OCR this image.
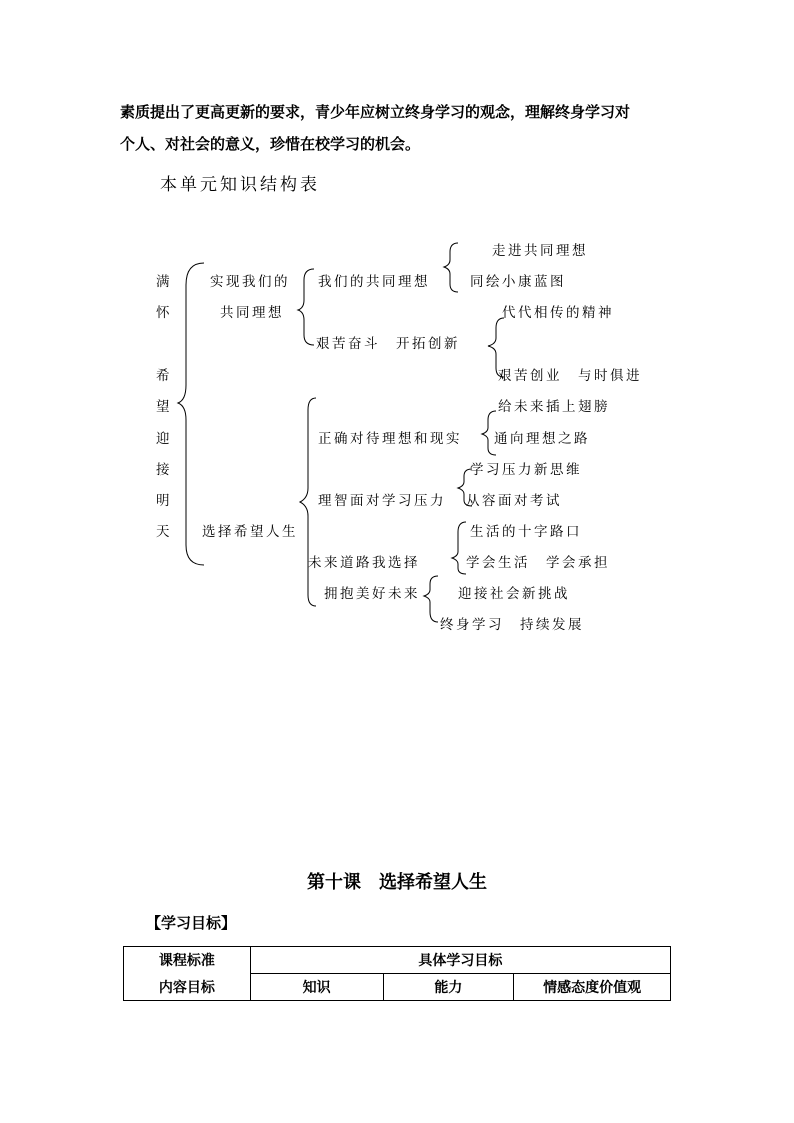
素质提出了更高更新的要求，青少年应树立终身学习的观念，理解终身学习对
个人、对社会的意义，珍惜在校学习的机会。
本单元知识结构表
满
怀
希
望
迎
接
明
天
实现我们的
共同理想
我们的共同理想
走进共同理想
同绘小康蓝图
艰苦奋斗　开拓创新
代代相传的精神
艰苦创业　与时俱进
选择希望人生
正确对待理想和现实
给未来插上翅膀
通向理想之路
理智面对学习压力
学习压力新思维
从容面对考试
未来道路我选择
生活的十字路口
学会生活　学会承担
拥抱美好未来	迎接社会新挑战
终身学习　持续发展
第十课　选择希望人生
【学习目标】
课程标准	具体学习目标		
内容目标	知识	能力	情感态度价值观
